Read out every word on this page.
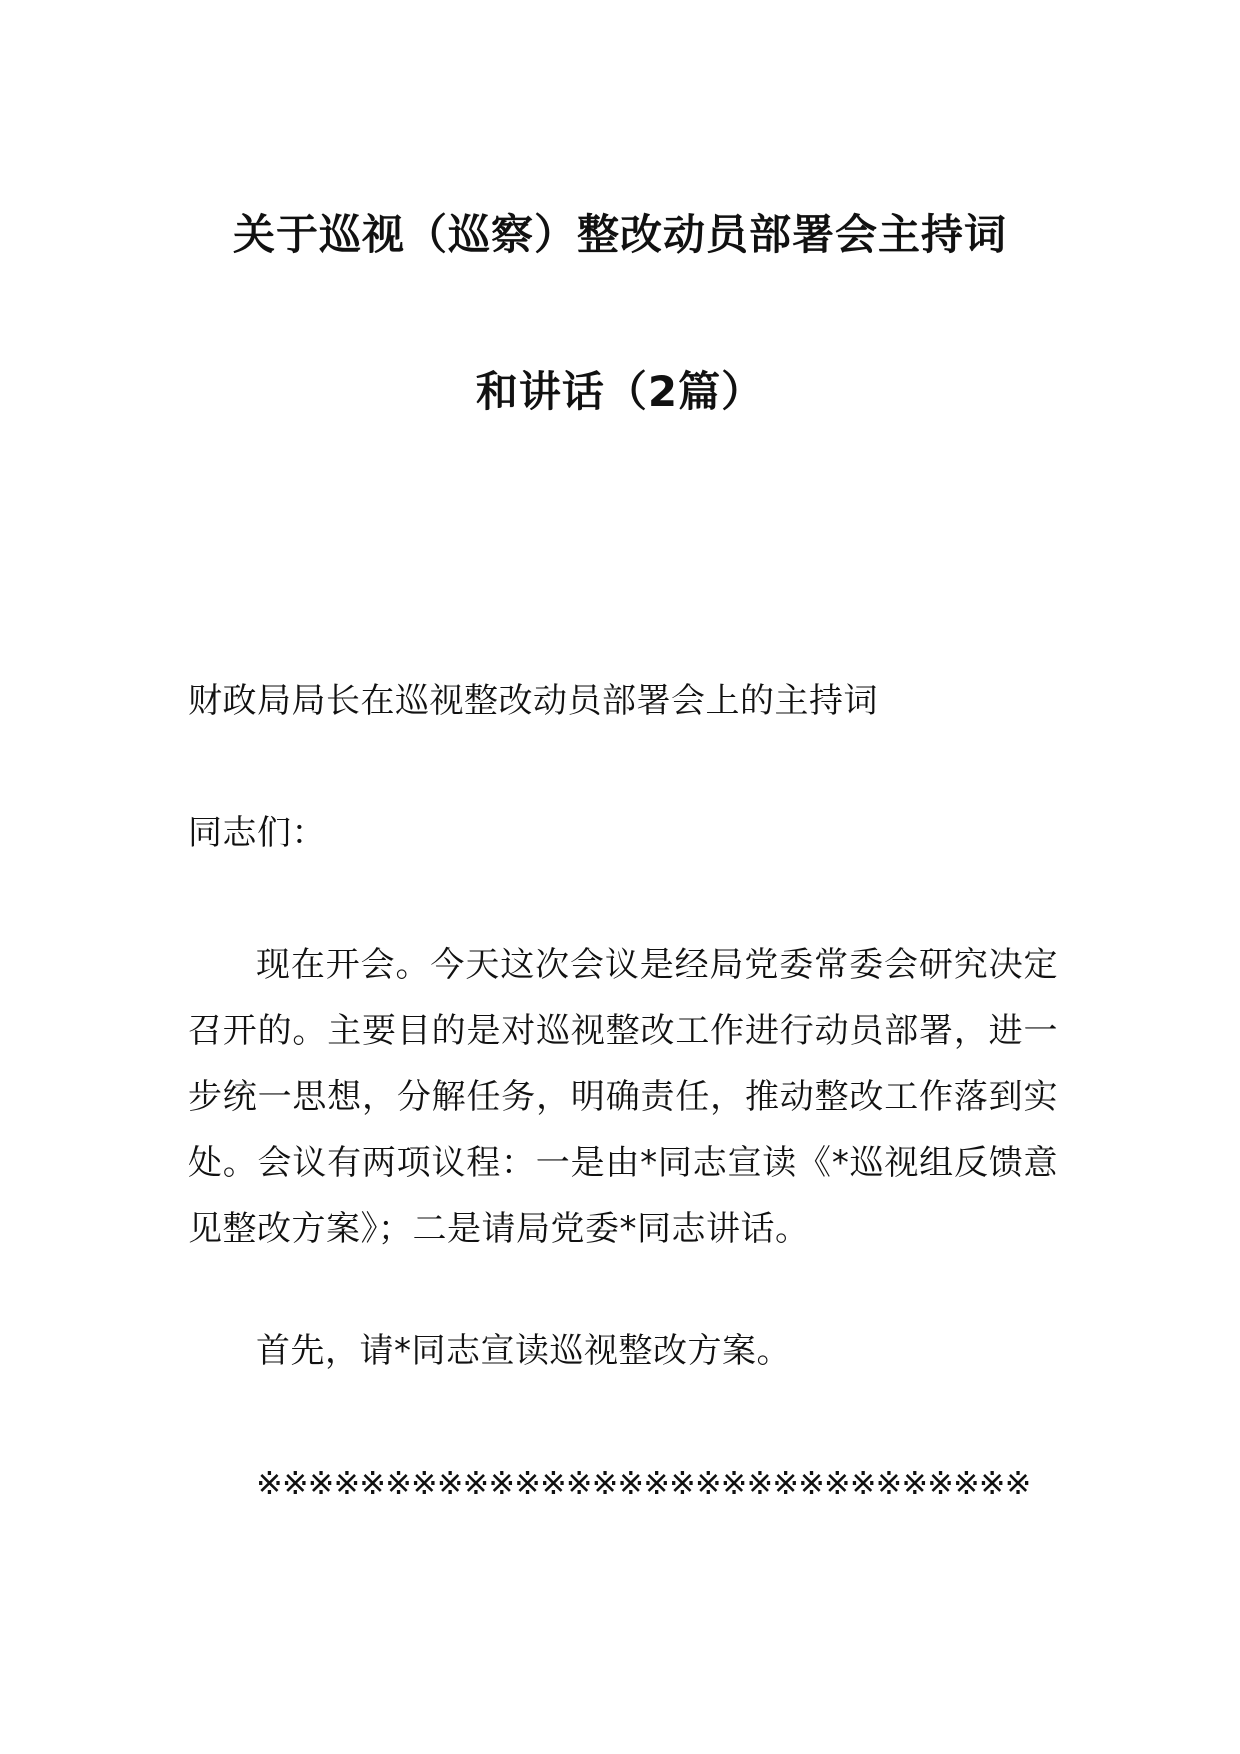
关于巡视（巡察）整改动员部署会主持词
和讲话（2篇）
财政局局长在巡视整改动员部署会上的主持词
同志们：
现在开会。今天这次会议是经局党委常委会研究决定召开的。主要目的是对巡视整改工作进行动员部署，进一步统一思想，分解任务，明确责任，推动整改工作落到实处。会议有两项议程：一是由*同志宣读《*巡视组反馈意见整改方案》；二是请局党委*同志讲话。
首先，请*同志宣读巡视整改方案。
※※※※※※※※※※※※※※※※※※※※※※※※※※※※※※
